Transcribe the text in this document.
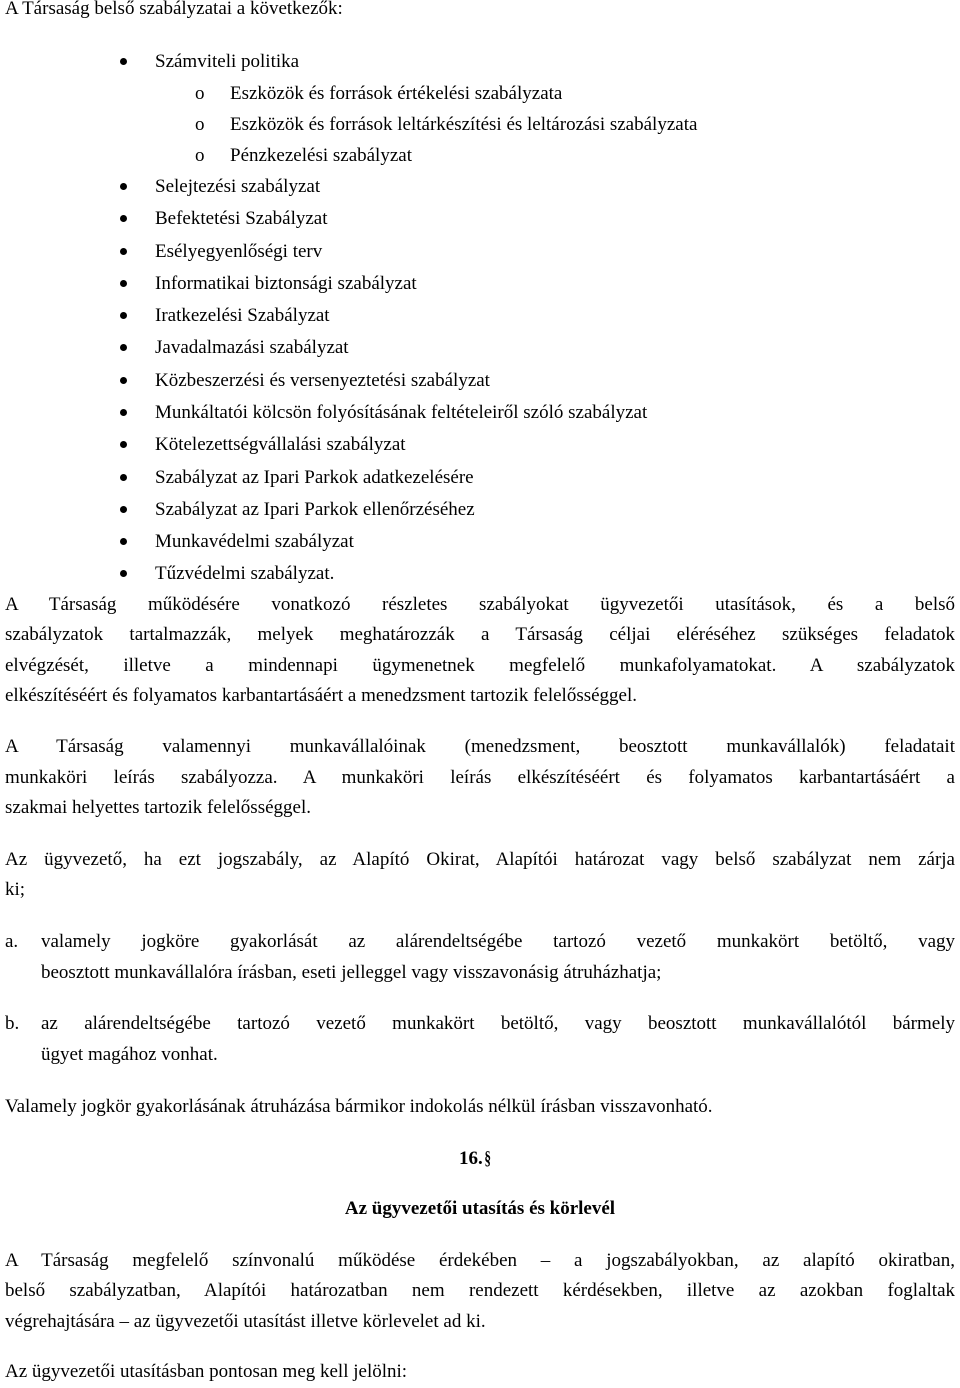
A Társaság belső szabályzatai a következők:
Számviteli politika
o Eszközök és források értékelési szabályzata
o Eszközök és források leltárkészítési és leltározási szabályzata
o Pénzkezelési szabályzat
Selejtezési szabályzat
Befektetési Szabályzat
Esélyegyenlőségi terv
Informatikai biztonsági szabályzat
Iratkezelési Szabályzat
Javadalmazási szabályzat
Közbeszerzési és versenyeztetési szabályzat
Munkáltatói kölcsön folyósításának feltételeiről szóló szabályzat
Kötelezettségvállalási szabályzat
Szabályzat az Ipari Parkok adatkezelésére
Szabályzat az Ipari Parkok ellenőrzéséhez
Munkavédelmi szabályzat
Tűzvédelmi szabályzat.
A Társaság működésére vonatkozó részletes szabályokat ügyvezetői utasítások, és a belső
szabályzatok tartalmazzák, melyek meghatározzák a Társaság céljai eléréséhez szükséges feladatok
elvégzését, illetve a mindennapi ügymenetnek megfelelő munkafolyamatokat. A szabályzatok
elkészítéséért és folyamatos karbantartásáért a menedzsment tartozik felelősséggel.
A Társaság valamennyi munkavállalóinak (menedzsment, beosztott munkavállalók) feladatait
munkaköri leírás szabályozza. A munkaköri leírás elkészítéséért és folyamatos karbantartásáért a
szakmai helyettes tartozik felelősséggel.
Az ügyvezető, ha ezt jogszabály, az Alapító Okirat, Alapítói határozat vagy belső szabályzat nem zárja
ki;
a. valamely jogköre gyakorlását az alárendeltségébe tartozó vezető munkakört betöltő, vagy
beosztott munkavállalóra írásban, eseti jelleggel vagy visszavonásig átruházhatja;
b. az alárendeltségébe tartozó vezető munkakört betöltő, vagy beosztott munkavállalótól bármely
ügyet magához vonhat.
Valamely jogkör gyakorlásának átruházása bármikor indokolás nélkül írásban visszavonható.
16.§
Az ügyvezetői utasítás és körlevél
A Társaság megfelelő színvonalú működése érdekében – a jogszabályokban, az alapító okiratban,
belső szabályzatban, Alapítói határozatban nem rendezett kérdésekben, illetve az azokban foglaltak
végrehajtására – az ügyvezetői utasítást illetve körlevelet ad ki.
Az ügyvezetői utasításban pontosan meg kell jelölni:
